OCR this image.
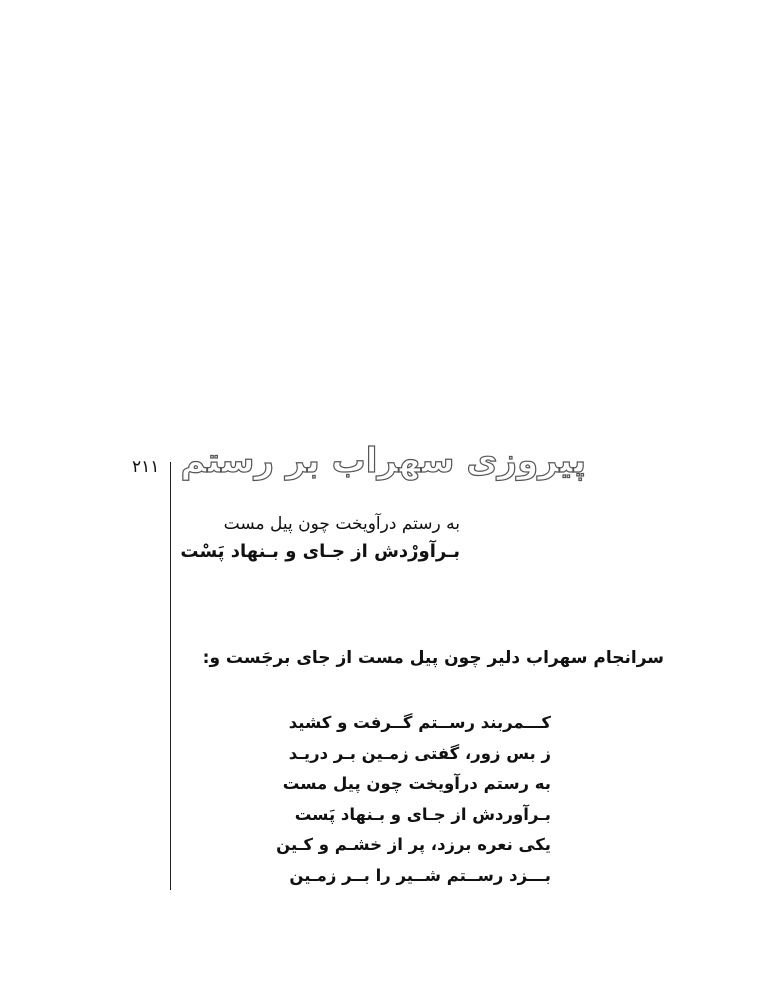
۲۱۱ پیروزی سهراب بر رستم
به رستم درآویخت چون پیل مست
بـرآورْدش از جـای و بـنهاد پَسْت

سرانجام سهراب دلیر چون پیل مست از جای برجَست و:

کـــمربند رســتم گــرفت و کشید
ز بس زور، گفتی زمـین بـر دریـد
به رستم درآویخت چون پیل مست
بـرآوردش از جـای و بـنهاد پَست
یکی نعره برزد، پر از خشـم و کـین
بـــزد رســتم شــیر را بــر زمـین
